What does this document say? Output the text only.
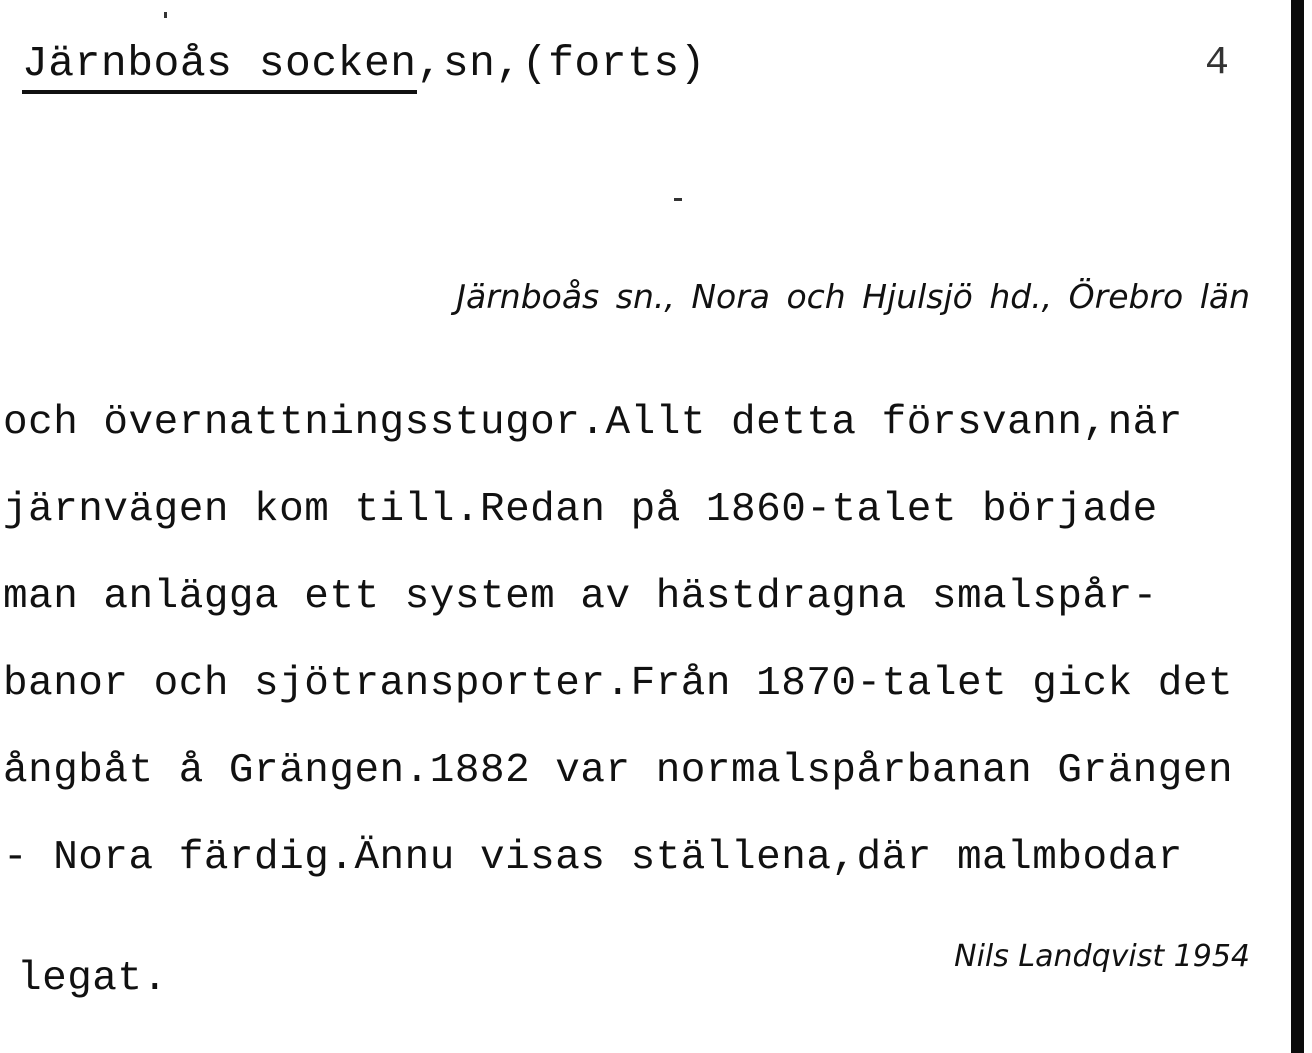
Järnboås socken,sn,(forts)	4
Järnboås sn., Nora och Hjulsjö hd., Örebro län
och övernattningsstugor.Allt detta försvann,när
järnvägen kom till.Redan på 1860-talet började
man anlägga ett system av hästdragna smalspår-
banor och sjötransporter.Från 1870-talet gick det
ångbåt å Grängen.1882 var normalspårbanan Grängen
- Nora färdig.Ännu visas ställena,där malmbodar
legat.	Nils Landqvist 1954
